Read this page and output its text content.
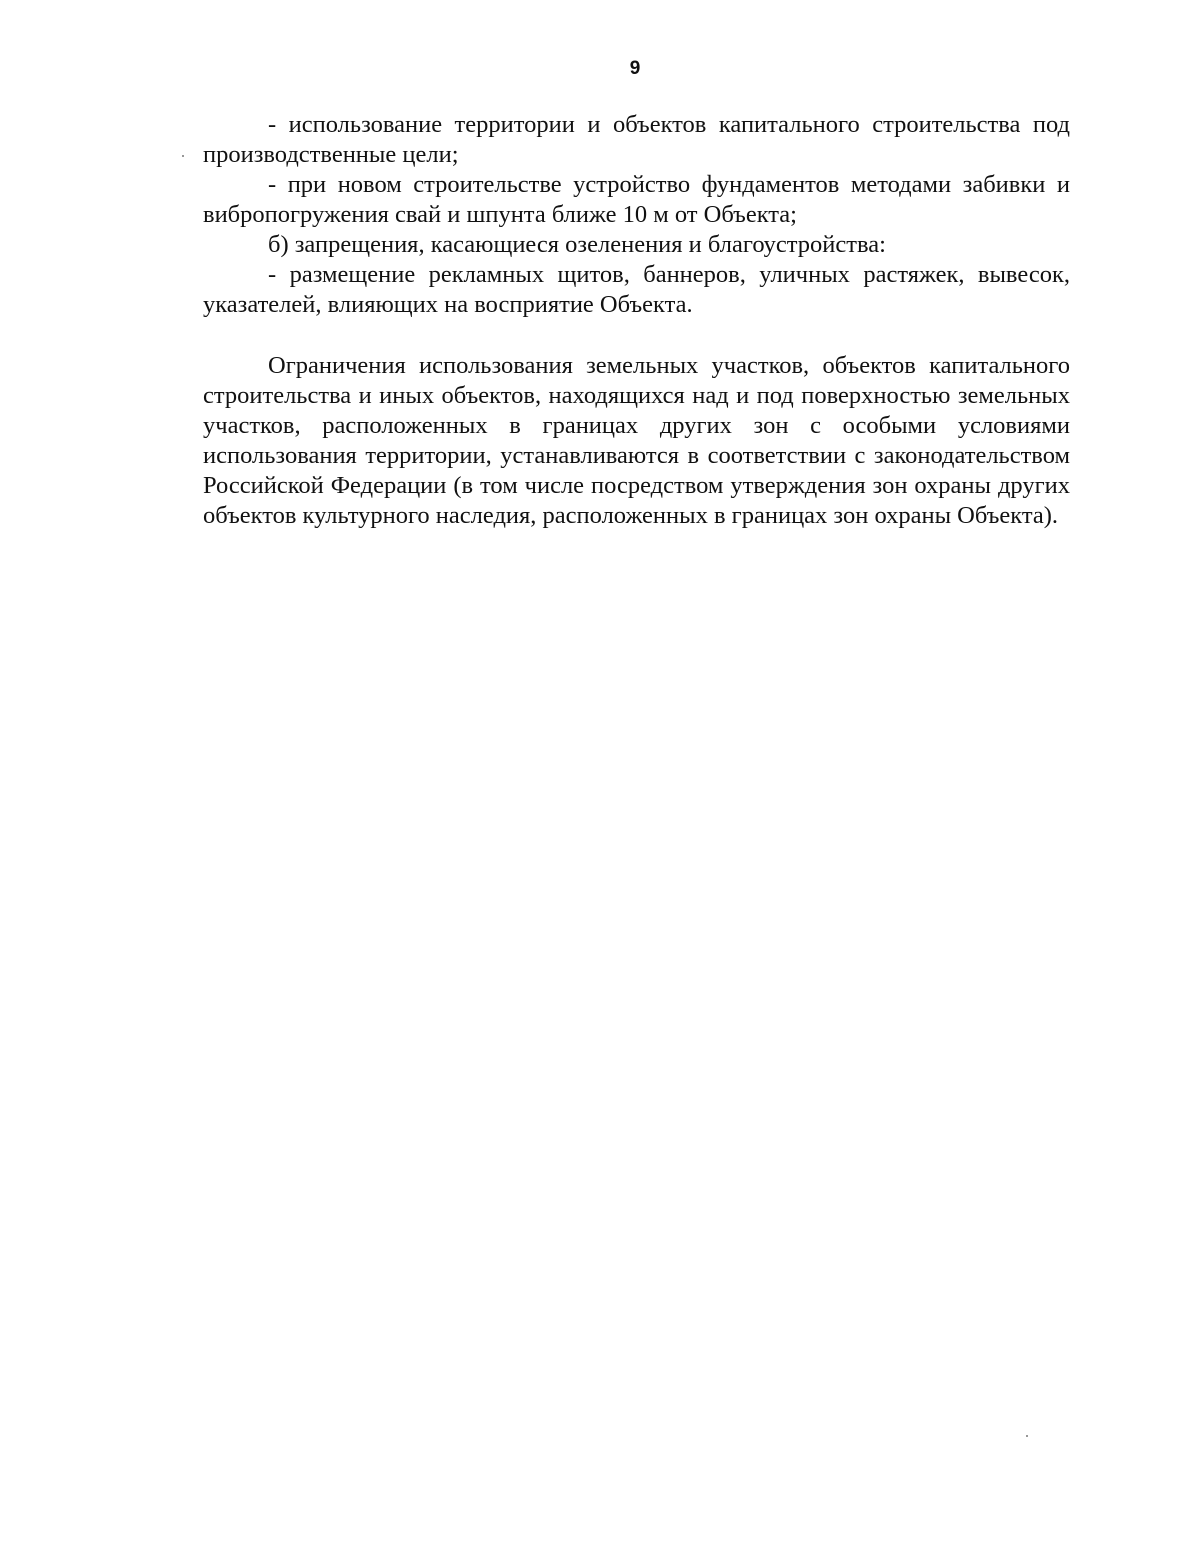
9

- использование территории и объектов капитального строительства под производственные цели;

- при новом строительстве устройство фундаментов методами забивки и вибропогружения свай и шпунта ближе 10 м от Объекта;

б) запрещения, касающиеся озеленения и благоустройства:

- размещение рекламных щитов, баннеров, уличных растяжек, вывесок, указателей, влияющих на восприятие Объекта.

Ограничения использования земельных участков, объектов капитального строительства и иных объектов, находящихся над и под поверхностью земельных участков, расположенных в границах других зон с особыми условиями использования территории, устанавливаются в соответствии с законодательством Российской Федерации (в том числе посредством утверждения зон охраны других объектов культурного наследия, расположенных в границах зон охраны Объекта).
